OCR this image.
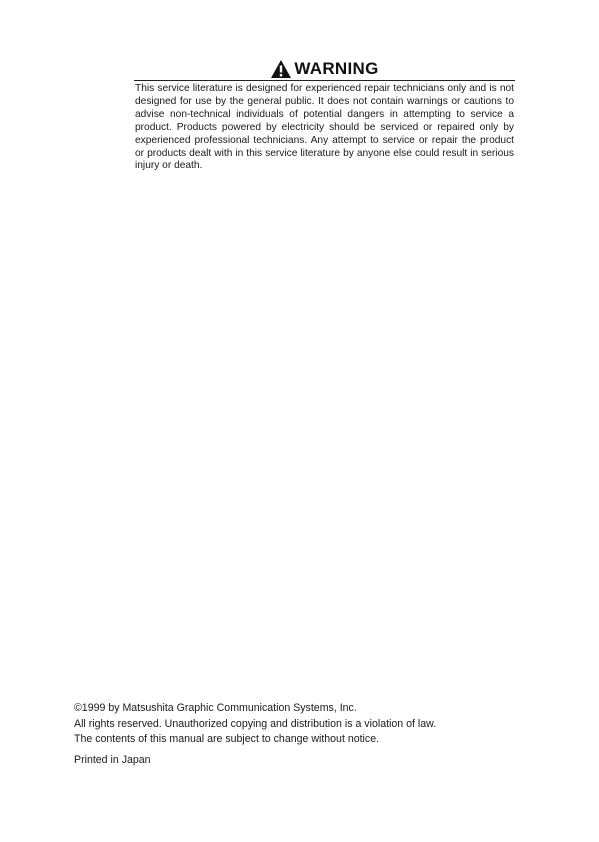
WARNING
This service literature is designed for experienced repair technicians only and is not designed for use by the general public. It does not contain warnings or cautions to advise non-technical individuals of potential dangers in attempting to service a product. Products powered by electricity should be serviced or repaired only by experienced professional technicians. Any attempt to service or repair the product or products dealt with in this service literature by anyone else could result in serious injury or death.
©1999 by Matsushita Graphic Communication Systems, Inc.
All rights reserved. Unauthorized copying and distribution is a violation of law.
The contents of this manual are subject to change without notice.
Printed in Japan
